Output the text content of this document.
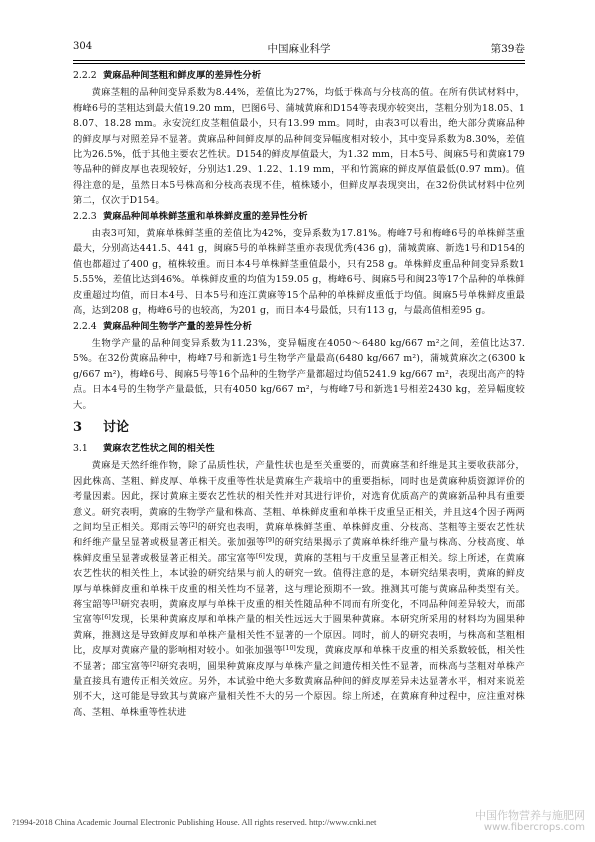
304	中国麻业科学	第39卷
2.2.2 黄麻品种间茎粗和鲜皮厚的差异性分析

黄麻茎粗的品种间变异系数为8.44%，差值比为27%，均低于株高与分枝高的值。在所有供试材料中，梅峰6号的茎粗达到最大值19.20 mm，巴图6号、蒲城黄麻和D154等表现亦较突出，茎粗分别为18.05、18.07、18.28 mm。永安浣红皮茎粗值最小，只有13.99 mm。同时，由表3可以看出，绝大部分黄麻品种的鲜皮厚与对照差异不显著。黄麻品种间鲜皮厚的品种间变异幅度相对较小，其中变异系数为8.30%，差值比为26.5%，低于其他主要农艺性状。D154的鲜皮厚值最大，为1.32 mm，日本5号、闽麻5号和黄麻179等品种的鲜皮厚也表现较好，分别达1.29、1.22、1.19 mm，平和竹篙麻的鲜皮厚值最低(0.97 mm)。值得注意的是，虽然日本5号株高和分枝高表现不佳，植株矮小，但鲜皮厚表现突出，在32份供试材料中位列第二，仅次于D154。

2.2.3 黄麻品种间单株鲜茎重和单株鲜皮重的差异性分析

由表3可知，黄麻单株鲜茎重的差值比为42%，变异系数为17.81%。梅峰7号和梅峰6号的单株鲜茎重最大，分别高达441.5、441 g，闽麻5号的单株鲜茎重亦表现优秀(436 g)，蒲城黄麻、新选1号和D154的值也都超过了400 g，植株较重。而日本4号单株鲜茎重值最小，只有258 g。单株鲜皮重品种间变异系数15.55%，差值比达到46%。单株鲜皮重的均值为159.05 g，梅峰6号、闽麻5号和闽23等17个品种的单株鲜皮重超过均值，而日本4号、日本5号和连江黄麻等15个品种的单株鲜皮重低于均值。闽麻5号单株鲜皮重最高，达到208 g，梅峰6号的也较高，为201 g，而日本4号最低，只有113 g，与最高值相差95 g。

2.2.4 黄麻品种间生物学产量的差异性分析

生物学产量的品种间变异系数为11.23%，变异幅度在4050～6480 kg/667 m²之间，差值比达37.5%。在32份黄麻品种中，梅峰7号和新选1号生物学产量最高(6480 kg/667 m²)，蒲城黄麻次之(6300 kg/667 m²)，梅峰6号、闽麻5号等16个品种的生物学产量都超过均值5241.9 kg/667 m²，表现出高产的特点。日本4号的生物学产量最低，只有4050 kg/667 m²，与梅峰7号和新选1号相差2430 kg，差异幅度较大。

3 讨论
3.1 黄麻农艺性状之间的相关性

黄麻是天然纤维作物，除了品质性状，产量性状也是至关重要的，而黄麻茎和纤维是其主要收获部分，因此株高、茎粗、鲜皮厚、单株干皮重等性状是黄麻生产栽培中的重要指标，同时也是黄麻种质资源评价的考量因素。因此，探讨黄麻主要农艺性状的相关性并对其进行评价，对选育优质高产的黄麻新品种具有重要意义。研究表明，黄麻的生物学产量和株高、茎粗、单株鲜皮重和单株干皮重呈正相关，并且这4个因子两两之间均呈正相关。郑雨云等[2]的研究也表明，黄麻单株鲜茎重、单株鲜皮重、分枝高、茎粗等主要农艺性状和纤维产量呈显著或极显著正相关。张加强等[9]的研究结果揭示了黄麻单株纤维产量与株高、分枝高度、单株鲜皮重呈显著或极显著正相关。邵宝富等[6]发现，黄麻的茎粗与干皮重呈显著正相关。综上所述，在黄麻农艺性状的相关性上，本试验的研究结果与前人的研究一致。值得注意的是，本研究结果表明，黄麻的鲜皮厚与单株鲜皮重和单株干皮重的相关性均不显著，这与理论预期不一致。推测其可能与黄麻品种类型有关。蒋宝韶等[3]研究表明，黄麻皮厚与单株干皮重的相关性随品种不同而有所变化，不同品种间差异较大，而邵宝富等[6]发现，长果种黄麻皮厚和单株产量的相关性远远大于圆果种黄麻。本研究所采用的材料均为圆果种黄麻，推测这是导致鲜皮厚和单株产量相关性不显著的一个原因。同时，前人的研究表明，与株高和茎粗相比，皮厚对黄麻产量的影响相对较小。如张加强等[10]发现，黄麻皮厚和单株干皮重的相关系数较低，相关性不显著；邵宝富等[2]研究表明，圆果种黄麻皮厚与单株产量之间遗传相关性不显著，而株高与茎粗对单株产量直接具有遗传正相关效应。另外，本试验中绝大多数黄麻品种间的鲜皮厚差异未达显著水平，相对来说差别不大，这可能是导致其与黄麻产量相关性不大的另一个原因。综上所述，在黄麻育种过程中，应注重对株高、茎粗、单株重等性状进

?1994-2018 China Academic Journal Electronic Publishing House. All rights reserved. http://www.cnki.net	中国作物营养与施肥网
www.fibercrops.com
